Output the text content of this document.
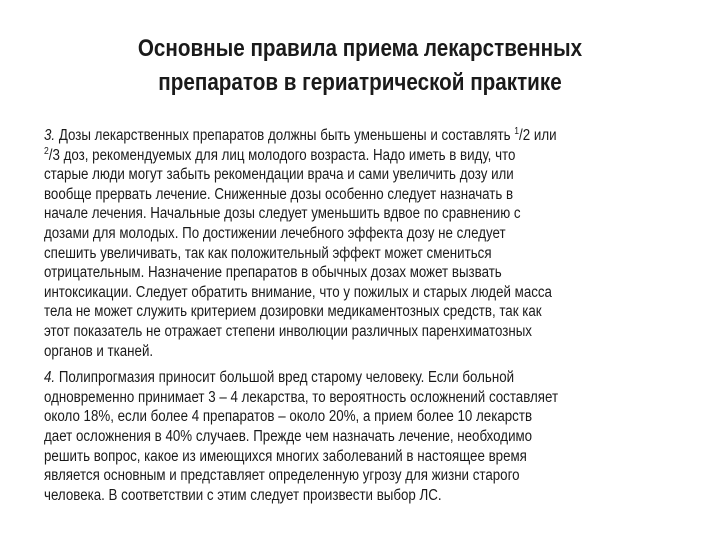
Основные правила приема лекарственных
препаратов в гериатрической практике
3. Дозы лекарственных препаратов должны быть уменьшены и составлять $^1$/2 или
$^2$/3 доз, рекомендуемых для лиц молодого возраста. Надо иметь в виду, что
старые люди могут забыть рекомендации врача и сами увеличить дозу или
вообще прервать лечение. Сниженные дозы особенно следует назначать в
начале лечения. Начальные дозы следует уменьшить вдвое по сравнению с
дозами для молодых. По достижении лечебного эффекта дозу не следует
спешить увеличивать, так как положительный эффект может смениться
отрицательным. Назначение препаратов в обычных дозах может вызвать
интоксикации. Следует обратить внимание, что у пожилых и старых людей масса
тела не может служить критерием дозировки медикаментозных средств, так как
этот показатель не отражает степени инволюции различных паренхиматозных
органов и тканей.
4. Полипрогмазия приносит большой вред старому человеку. Если больной
одновременно принимает 3 – 4 лекарства, то вероятность осложнений составляет
около 18%, если более 4 препаратов – около 20%, а прием более 10 лекарств
дает осложнения в 40% случаев. Прежде чем назначать лечение, необходимо
решить вопрос, какое из имеющихся многих заболеваний в настоящее время
является основным и представляет определенную угрозу для жизни старого
человека. В соответствии с этим следует произвести выбор ЛС.
